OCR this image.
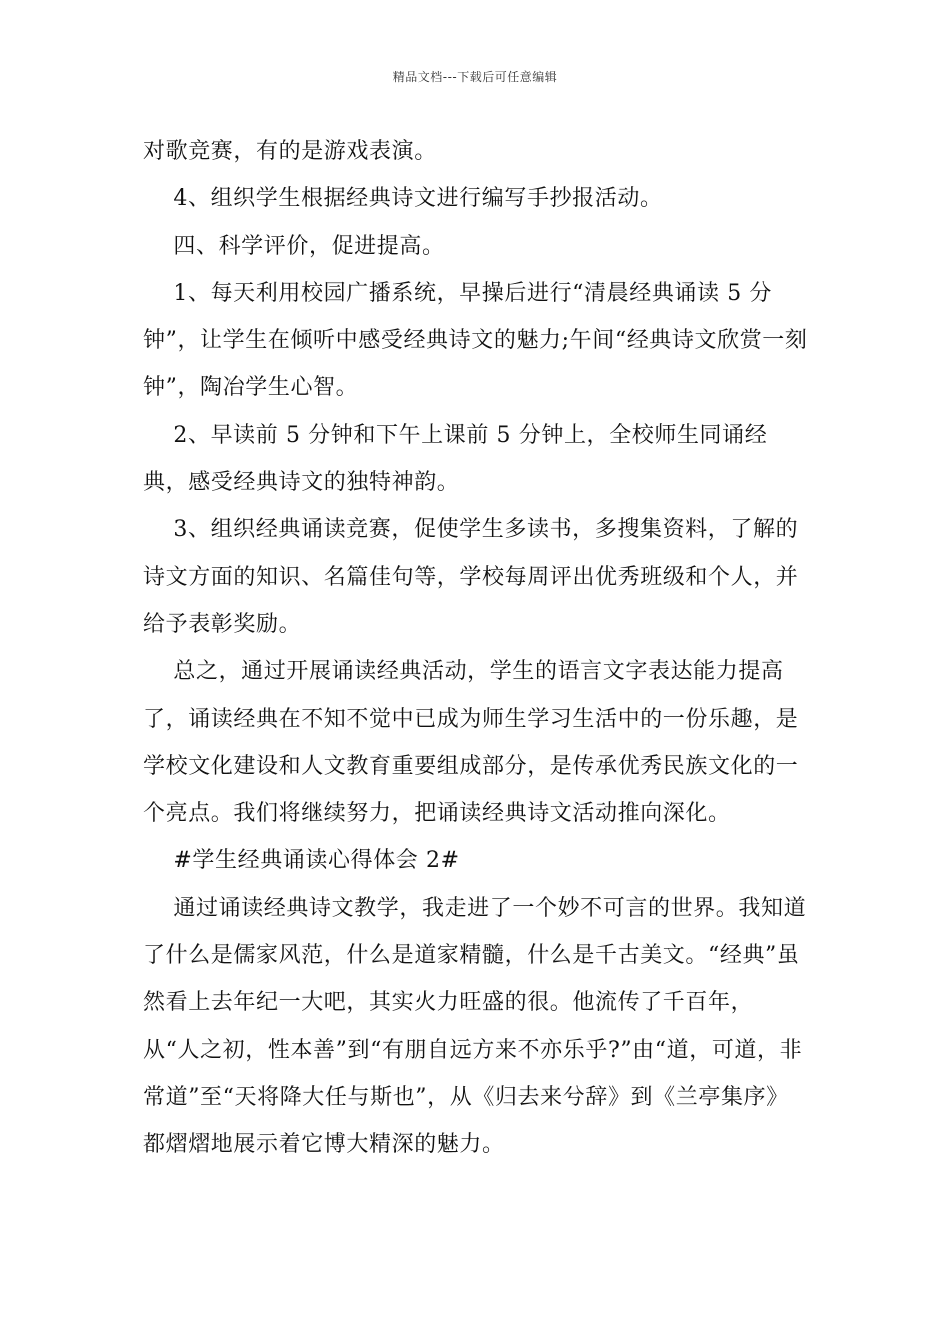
精品文档---下载后可任意编辑

对歌竞赛，有的是游戏表演。

4、组织学生根据经典诗文进行编写手抄报活动。

四、科学评价，促进提高。

1、每天利用校园广播系统，早操后进行“清晨经典诵读 5 分钟”，让学生在倾听中感受经典诗文的魅力;午间“经典诗文欣赏一刻钟”，陶冶学生心智。

2、早读前 5 分钟和下午上课前 5 分钟上，全校师生同诵经典，感受经典诗文的独特神韵。

3、组织经典诵读竞赛，促使学生多读书，多搜集资料，了解的诗文方面的知识、名篇佳句等，学校每周评出优秀班级和个人，并给予表彰奖励。

总之，通过开展诵读经典活动，学生的语言文字表达能力提高了，诵读经典在不知不觉中已成为师生学习生活中的一份乐趣，是学校文化建设和人文教育重要组成部分，是传承优秀民族文化的一个亮点。我们将继续努力，把诵读经典诗文活动推向深化。

#学生经典诵读心得体会 2#

通过诵读经典诗文教学，我走进了一个妙不可言的世界。我知道了什么是儒家风范，什么是道家精髓，什么是千古美文。“经典”虽然看上去年纪一大吧，其实火力旺盛的很。他流传了千百年，从“人之初，性本善”到“有朋自远方来不亦乐乎?”由“道，可道，非常道”至“天将降大任与斯也”，从《归去来兮辞》到《兰亭集序》都熠熠地展示着它博大精深的魅力。
